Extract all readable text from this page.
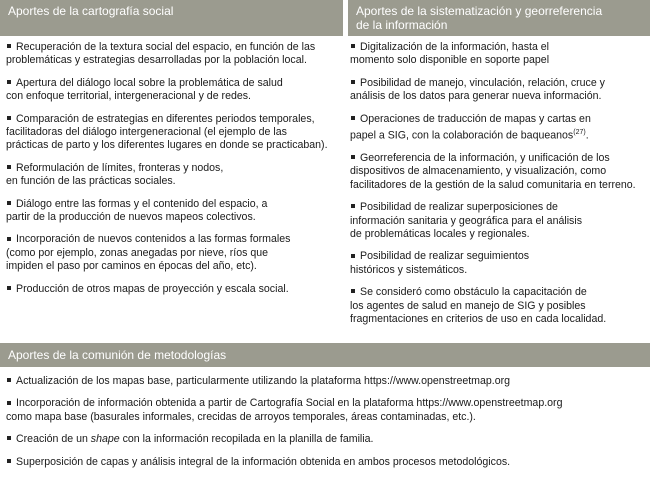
Aportes de la cartografía social	Aportes de la sistematización y georreferencia
de la información
Recuperación de la textura social del espacio, en función de las
problemáticas y estrategias desarrolladas por la población local.
Apertura del diálogo local sobre la problemática de salud
con enfoque territorial, intergeneracional y de redes.
Comparación de estrategias en diferentes periodos temporales,
facilitadoras del diálogo intergeneracional (el ejemplo de las
prácticas de parto y los diferentes lugares en donde se practicaban).
Reformulación de límites, fronteras y nodos,
en función de las prácticas sociales.
Diálogo entre las formas y el contenido del espacio, a
partir de la producción de nuevos mapeos colectivos.
Incorporación de nuevos contenidos a las formas formales
(como por ejemplo, zonas anegadas por nieve, ríos que
impiden el paso por caminos en épocas del año, etc).
Producción de otros mapas de proyección y escala social.
Digitalización de la información, hasta el
momento solo disponible en soporte papel
Posibilidad de manejo, vinculación, relación, cruce y
análisis de los datos para generar nueva información.
Operaciones de traducción de mapas y cartas en
papel a SIG, con la colaboración de baqueanos$^{(27)}$.
Georreferencia de la información, y unificación de los
dispositivos de almacenamiento, y visualización, como
facilitadores de la gestión de la salud comunitaria en terreno.
Posibilidad de realizar superposiciones de
información sanitaria y geográfica para el análisis
de problemáticas locales y regionales.
Posibilidad de realizar seguimientos
históricos y sistemáticos.
Se consideró como obstáculo la capacitación de
los agentes de salud en manejo de SIG y posibles
fragmentaciones en criterios de uso en cada localidad.
Aportes de la comunión de metodologías
Actualización de los mapas base, particularmente utilizando la plataforma https://www.openstreetmap.org
Incorporación de información obtenida a partir de Cartografía Social en la plataforma https://www.openstreetmap.org
como mapa base (basurales informales, crecidas de arroyos temporales, áreas contaminadas, etc.).
Creación de un shape con la información recopilada en la planilla de familia.
Superposición de capas y análisis integral de la información obtenida en ambos procesos metodológicos.
